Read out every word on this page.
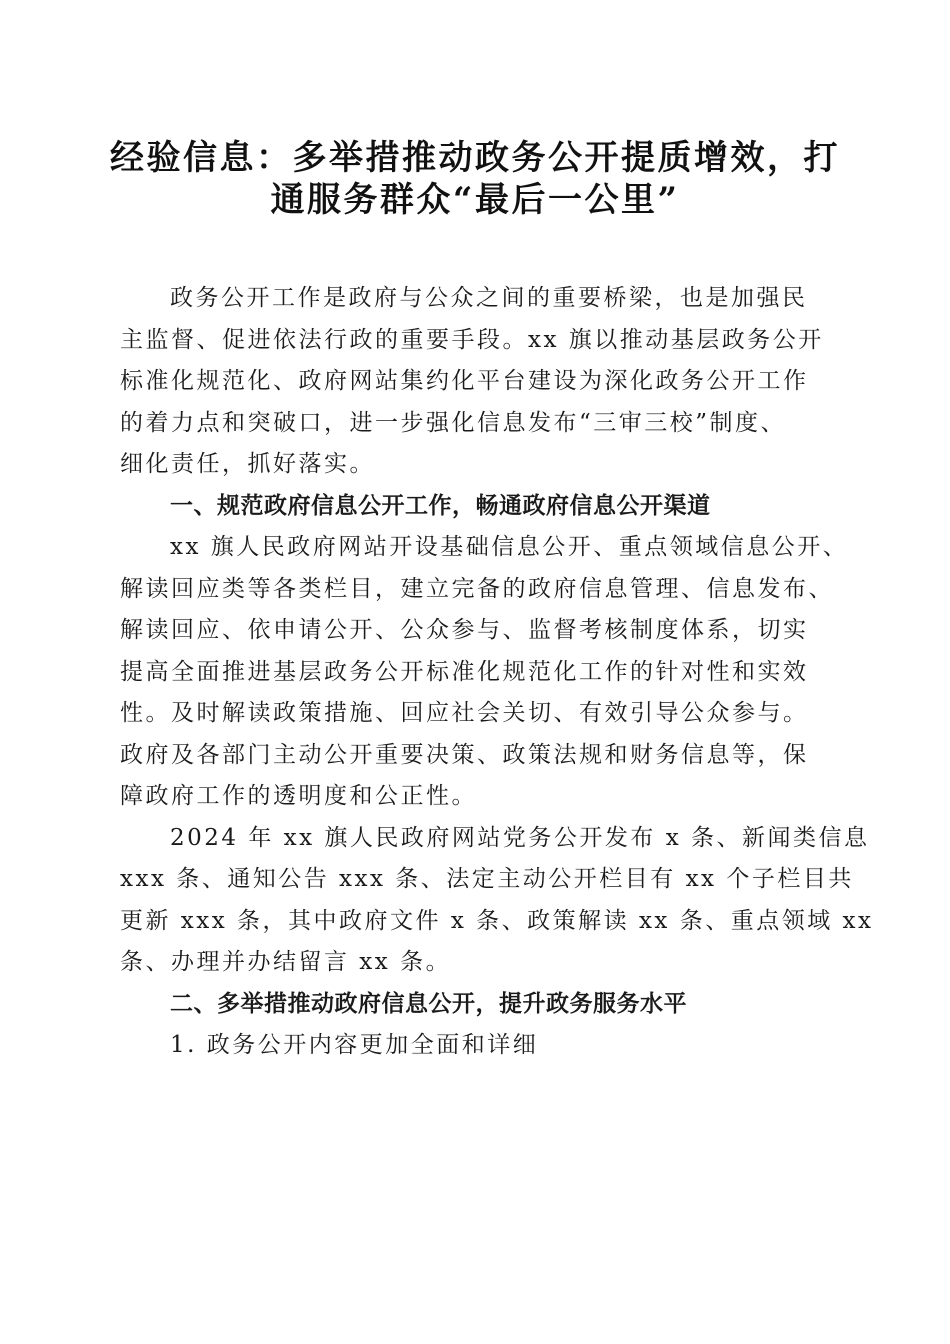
经验信息：多举措推动政务公开提质增效，打
通服务群众“最后一公里”
政务公开工作是政府与公众之间的重要桥梁，也是加强民
主监督、促进依法行政的重要手段。xx 旗以推动基层政务公开
标准化规范化、政府网站集约化平台建设为深化政务公开工作
的着力点和突破口，进一步强化信息发布“三审三校”制度、
细化责任，抓好落实。
一、规范政府信息公开工作，畅通政府信息公开渠道
xx 旗人民政府网站开设基础信息公开、重点领域信息公开、
解读回应类等各类栏目，建立完备的政府信息管理、信息发布、
解读回应、依申请公开、公众参与、监督考核制度体系，切实
提高全面推进基层政务公开标准化规范化工作的针对性和实效
性。及时解读政策措施、回应社会关切、有效引导公众参与。
政府及各部门主动公开重要决策、政策法规和财务信息等，保
障政府工作的透明度和公正性。
2024 年 xx 旗人民政府网站党务公开发布 x 条、新闻类信息
xxx 条、通知公告 xxx 条、法定主动公开栏目有 xx 个子栏目共
更新 xxx 条，其中政府文件 x 条、政策解读 xx 条、重点领域 xx
条、办理并办结留言 xx 条。
二、多举措推动政府信息公开，提升政务服务水平
1. 政务公开内容更加全面和详细
